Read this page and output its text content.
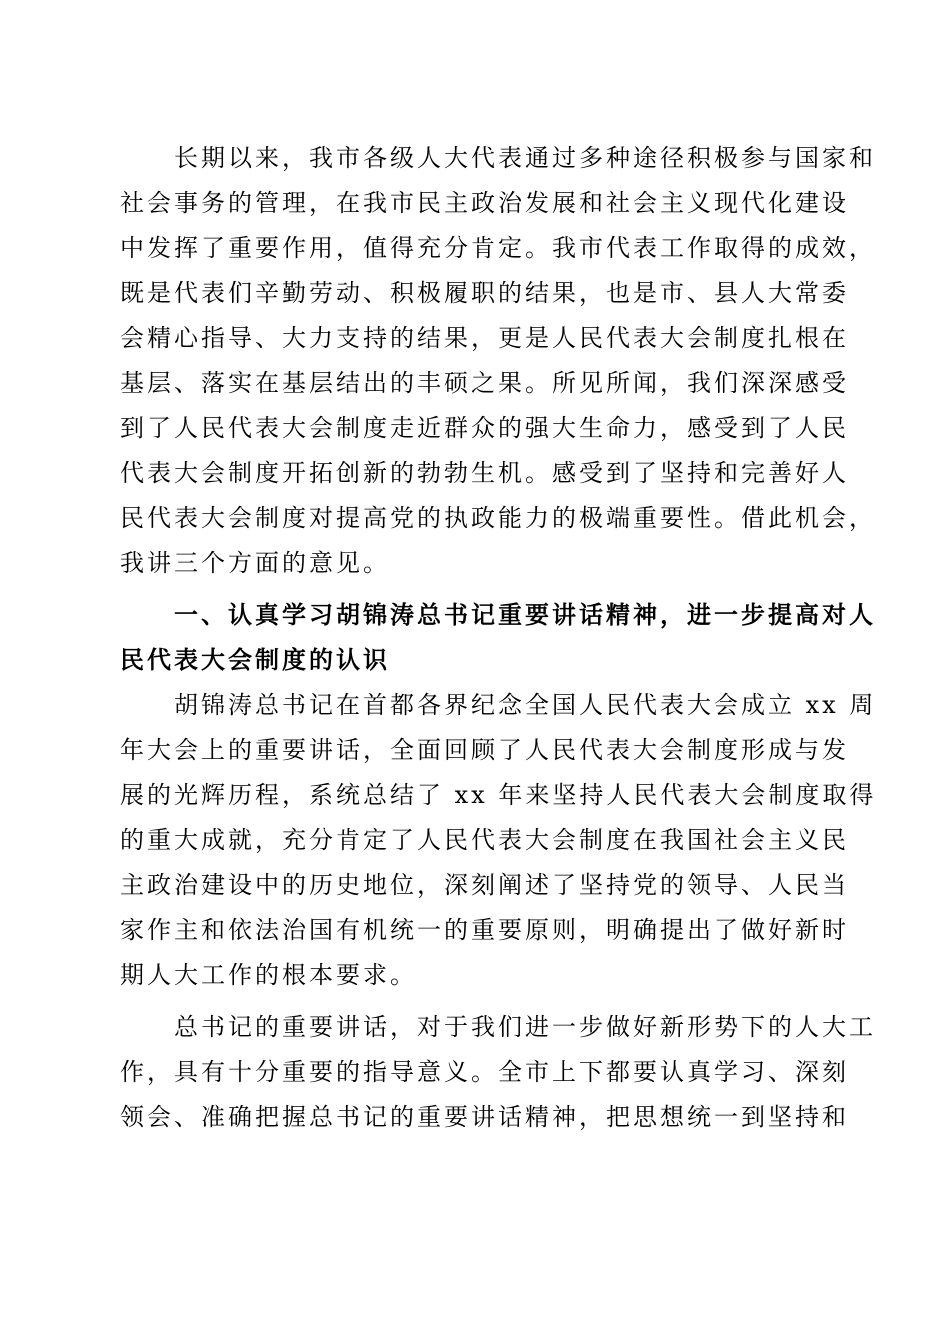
　　长期以来，我市各级人大代表通过多种途径积极参与国家和
社会事务的管理，在我市民主政治发展和社会主义现代化建设
中发挥了重要作用，值得充分肯定。我市代表工作取得的成效，
既是代表们辛勤劳动、积极履职的结果，也是市、县人大常委
会精心指导、大力支持的结果，更是人民代表大会制度扎根在
基层、落实在基层结出的丰硕之果。所见所闻，我们深深感受
到了人民代表大会制度走近群众的强大生命力，感受到了人民
代表大会制度开拓创新的勃勃生机。感受到了坚持和完善好人
民代表大会制度对提高党的执政能力的极端重要性。借此机会，
我讲三个方面的意见。
　　一、认真学习胡锦涛总书记重要讲话精神，进一步提高对人
民代表大会制度的认识
　　胡锦涛总书记在首都各界纪念全国人民代表大会成立 xx 周
年大会上的重要讲话，全面回顾了人民代表大会制度形成与发
展的光辉历程，系统总结了 xx 年来坚持人民代表大会制度取得
的重大成就，充分肯定了人民代表大会制度在我国社会主义民
主政治建设中的历史地位，深刻阐述了坚持党的领导、人民当
家作主和依法治国有机统一的重要原则，明确提出了做好新时
期人大工作的根本要求。
　　总书记的重要讲话，对于我们进一步做好新形势下的人大工
作，具有十分重要的指导意义。全市上下都要认真学习、深刻
领会、准确把握总书记的重要讲话精神，把思想统一到坚持和
